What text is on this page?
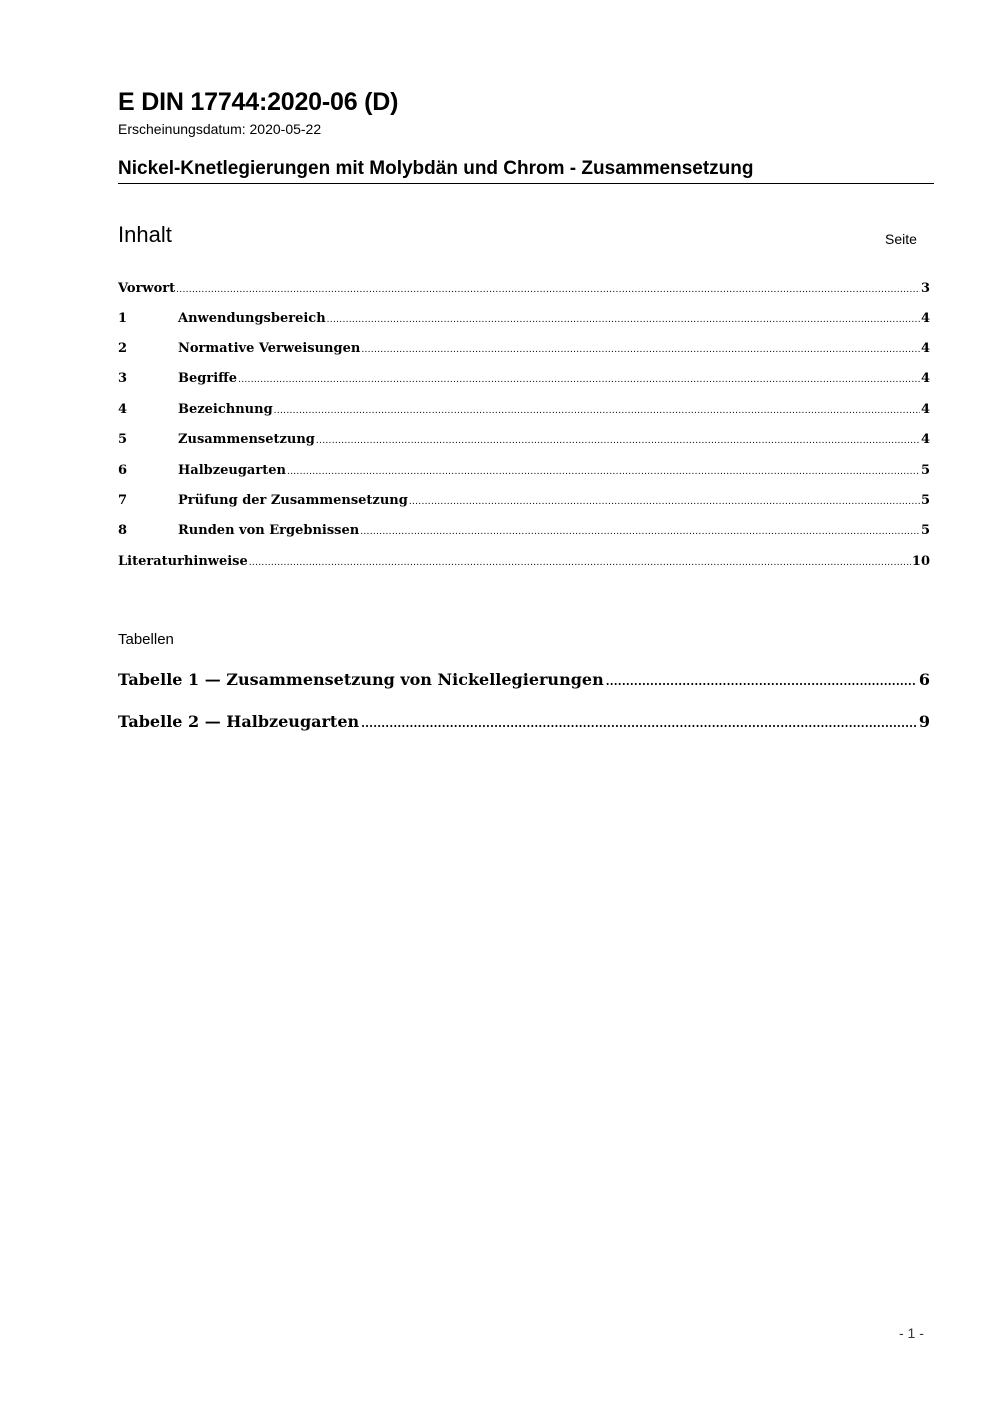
E DIN 17744:2020-06 (D)
Erscheinungsdatum: 2020-05-22
Nickel-Knetlegierungen mit Molybdän und Chrom - Zusammensetzung
Inhalt	Seite
Vorwort .....	3
1	Anwendungsbereich .....	4
2	Normative Verweisungen .....	4
3	Begriffe .....	4
4	Bezeichnung .....	4
5	Zusammensetzung .....	4
6	Halbzeugarten .....	5
7	Prüfung der Zusammensetzung .....	5
8	Runden von Ergebnissen .....	5
Literaturhinweise .....	10
Tabellen
Tabelle 1 — Zusammensetzung von Nickellegierungen .....	6
Tabelle 2 — Halbzeugarten .....	9
- 1 -
